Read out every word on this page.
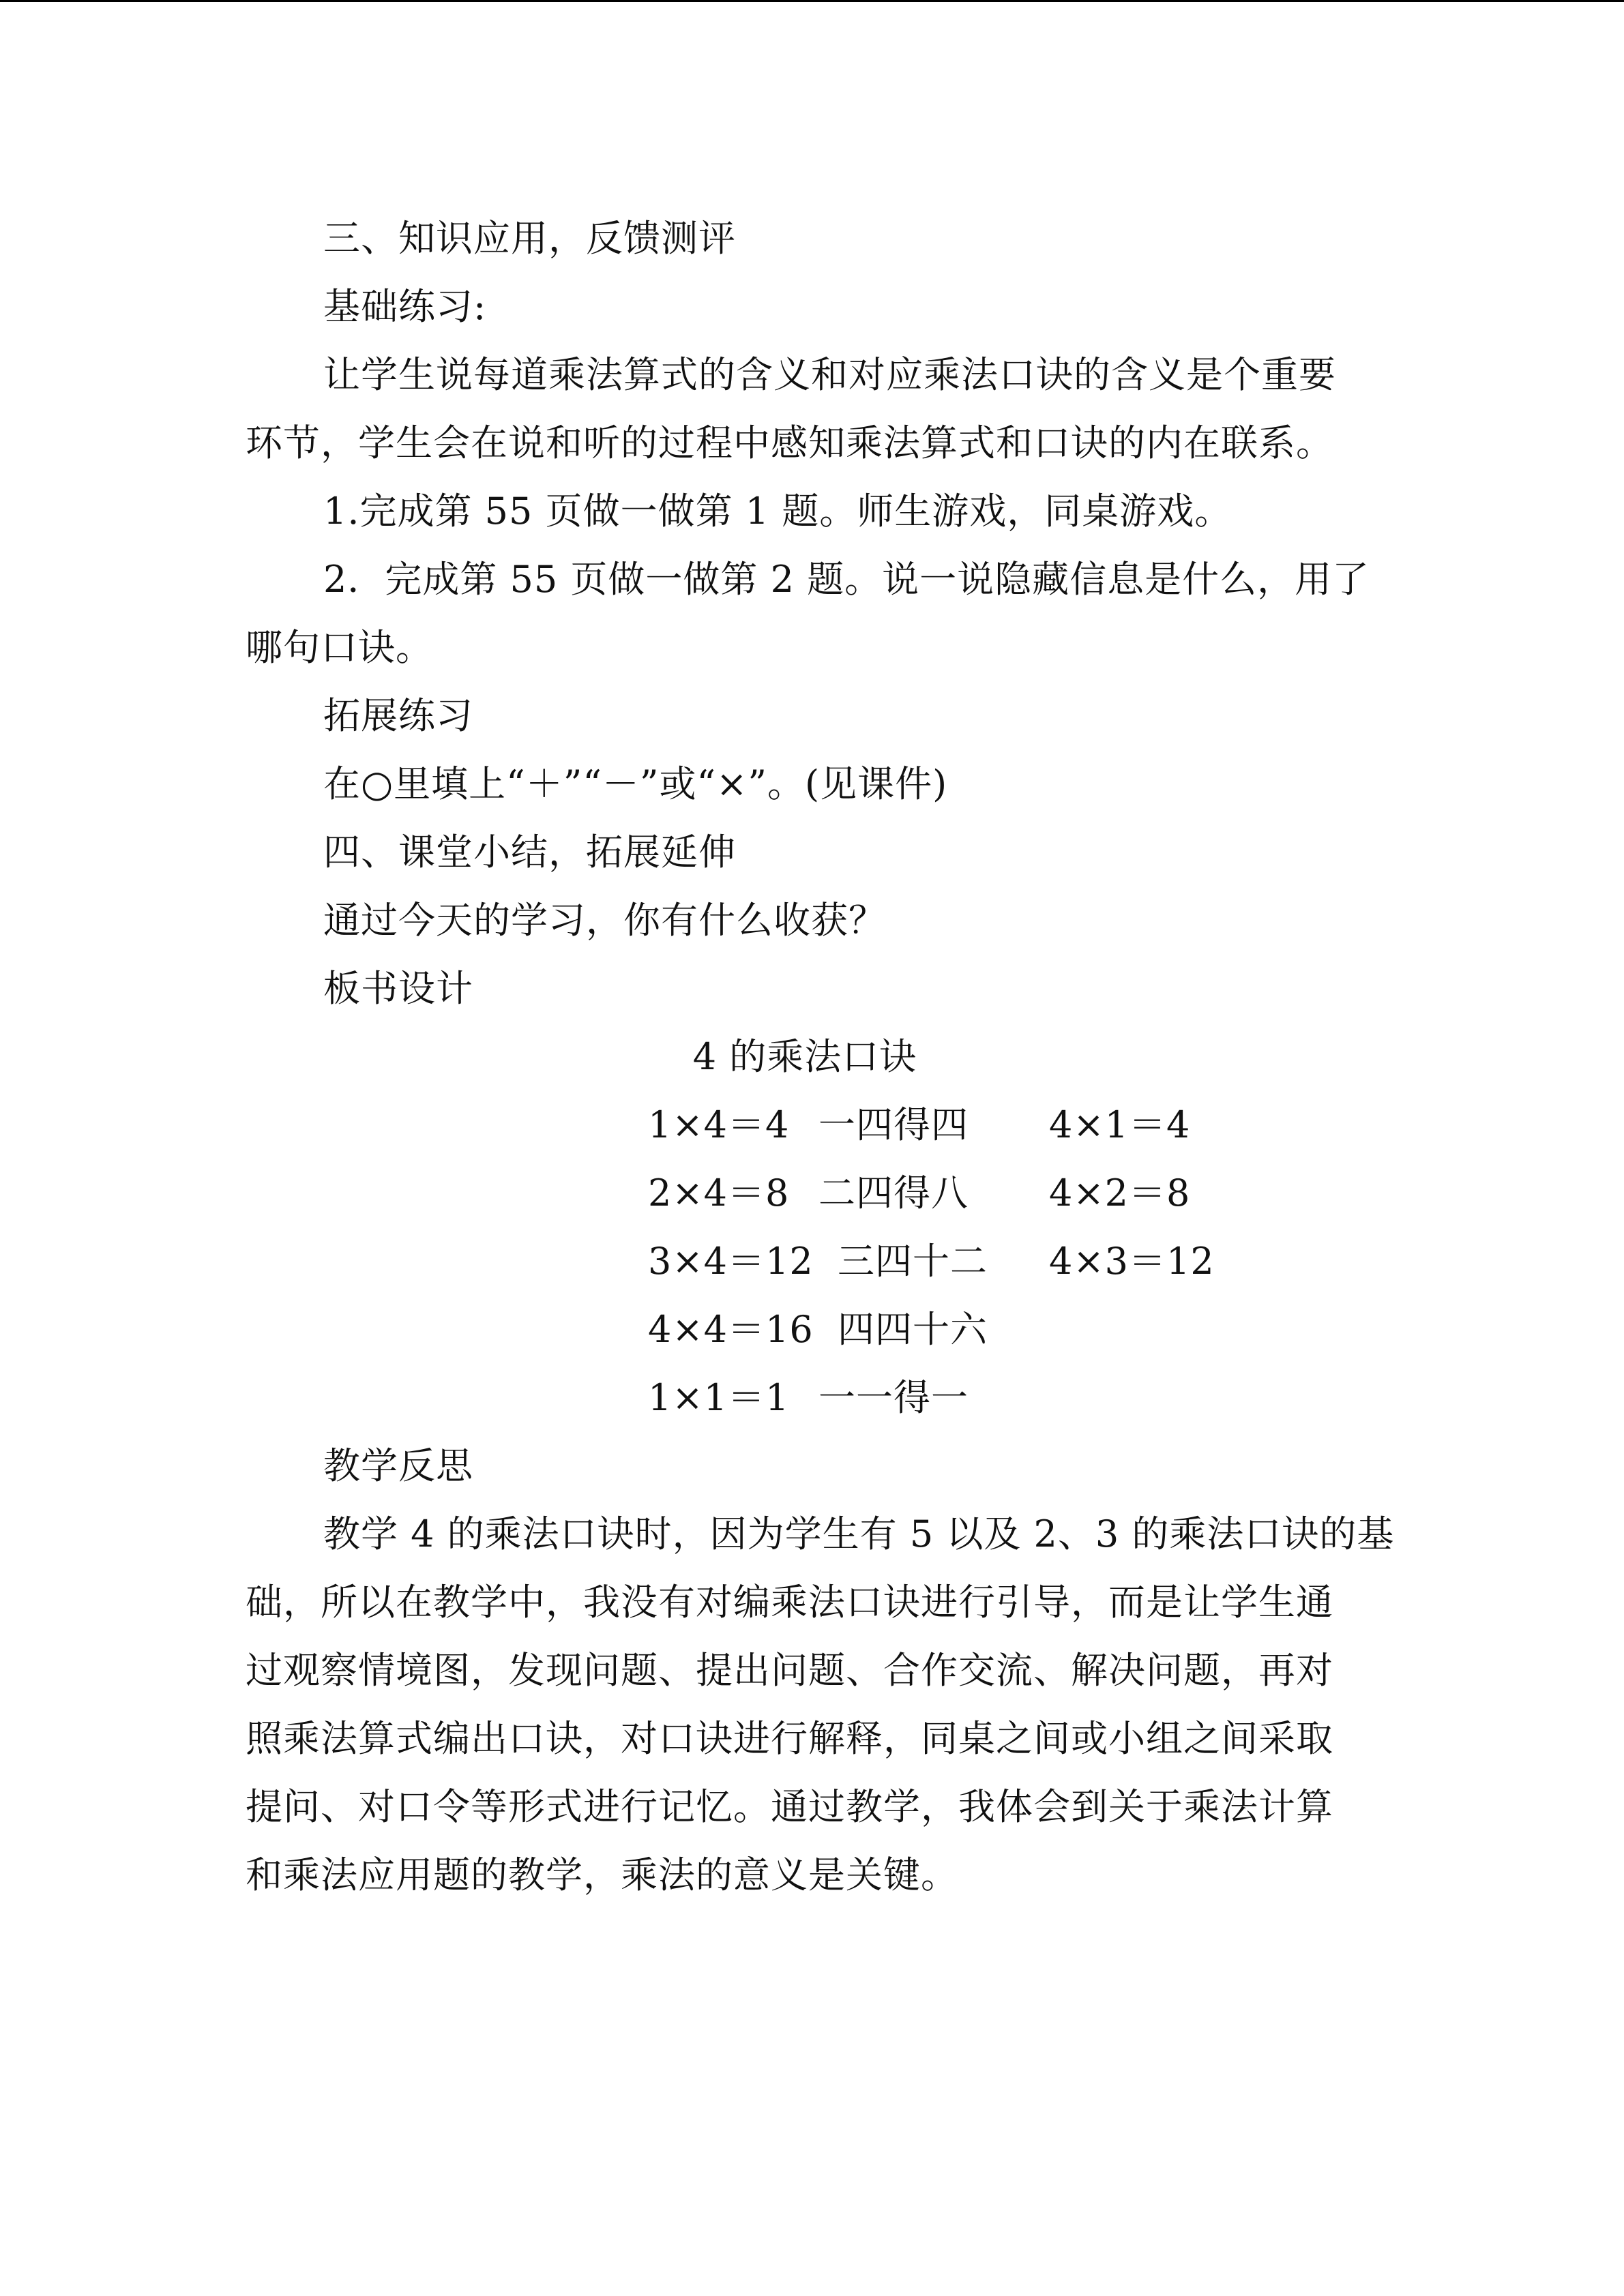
三、知识应用，反馈测评
基础练习:
让学生说每道乘法算式的含义和对应乘法口诀的含义是个重要
环节，学生会在说和听的过程中感知乘法算式和口诀的内在联系。
1.完成第 55 页做一做第 1 题。师生游戏，同桌游戏。
2．完成第 55 页做一做第 2 题。说一说隐藏信息是什么，用了
哪句口诀。
拓展练习
在○里填上“＋”“－”或“×”。(见课件)
四、课堂小结，拓展延伸
通过今天的学习，你有什么收获？
板书设计
4 的乘法口诀
1×4＝4 一四得四 4×1＝4
2×4＝8 二四得八 4×2＝8
3×4＝12 三四十二 4×3＝12
4×4＝16 四四十六
1×1＝1 一一得一
教学反思
教学 4 的乘法口诀时，因为学生有 5 以及 2、3 的乘法口诀的基
础，所以在教学中，我没有对编乘法口诀进行引导，而是让学生通
过观察情境图，发现问题、提出问题、合作交流、解决问题，再对
照乘法算式编出口诀，对口诀进行解释，同桌之间或小组之间采取
提问、对口令等形式进行记忆。通过教学，我体会到关于乘法计算
和乘法应用题的教学，乘法的意义是关键。
